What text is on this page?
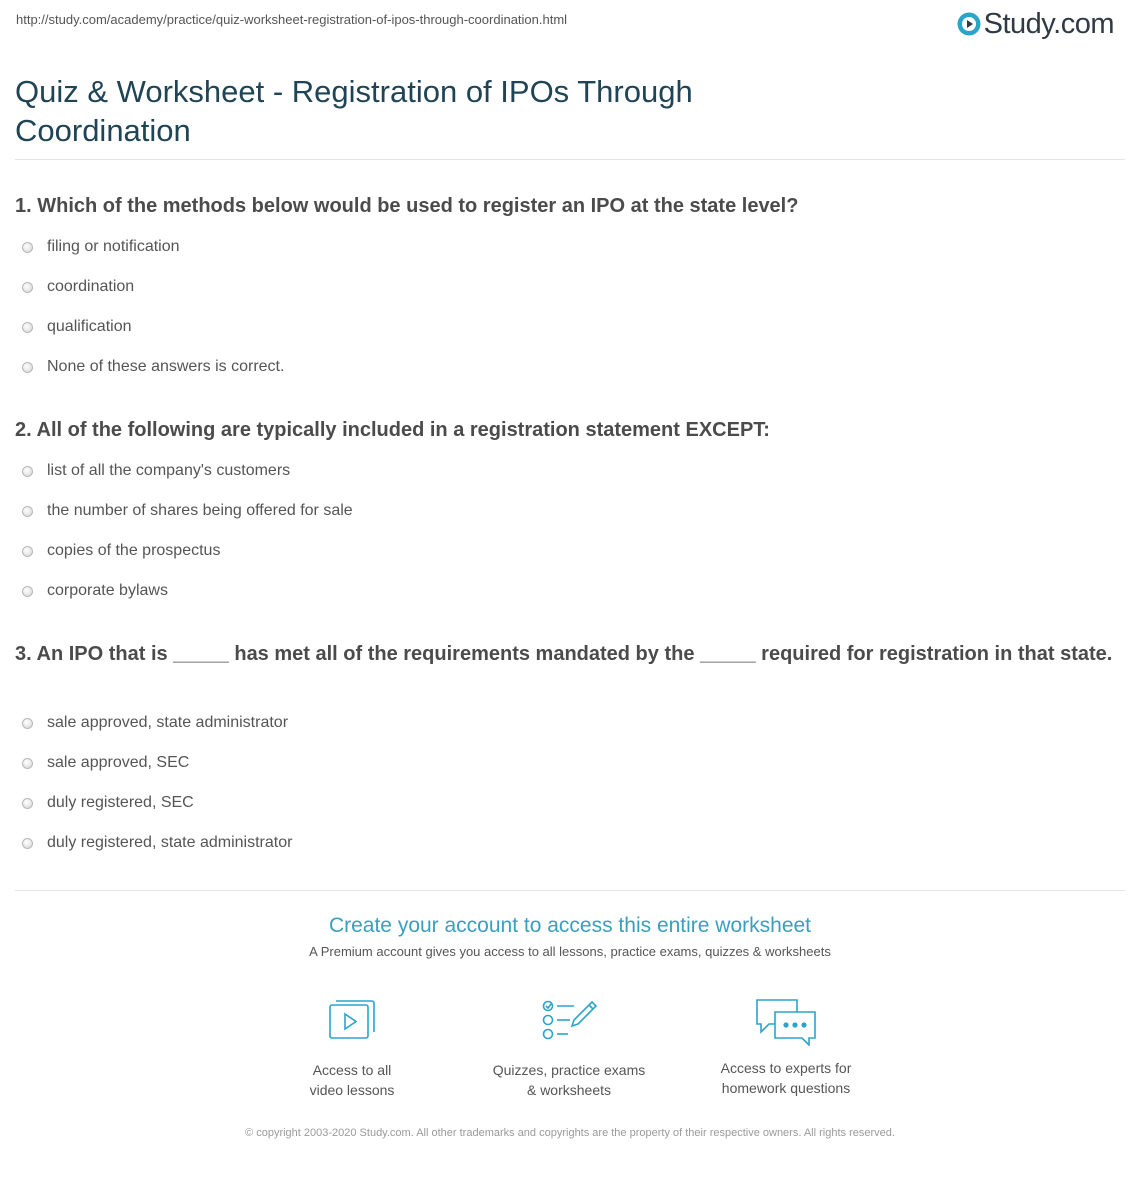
http://study.com/academy/practice/quiz-worksheet-registration-of-ipos-through-coordination.html	Study.com
Quiz & Worksheet - Registration of IPOs Through Coordination
1. Which of the methods below would be used to register an IPO at the state level?
filing or notification
coordination
qualification
None of these answers is correct.
2. All of the following are typically included in a registration statement EXCEPT:
list of all the company's customers
the number of shares being offered for sale
copies of the prospectus
corporate bylaws
3. An IPO that is _____ has met all of the requirements mandated by the _____ required for registration in that state.
sale approved, state administrator
sale approved, SEC
duly registered, SEC
duly registered, state administrator
Create your account to access this entire worksheet
A Premium account gives you access to all lessons, practice exams, quizzes & worksheets
Access to all
video lessons
Quizzes, practice exams
& worksheets
Access to experts for
homework questions
© copyright 2003-2020 Study.com. All other trademarks and copyrights are the property of their respective owners. All rights reserved.
